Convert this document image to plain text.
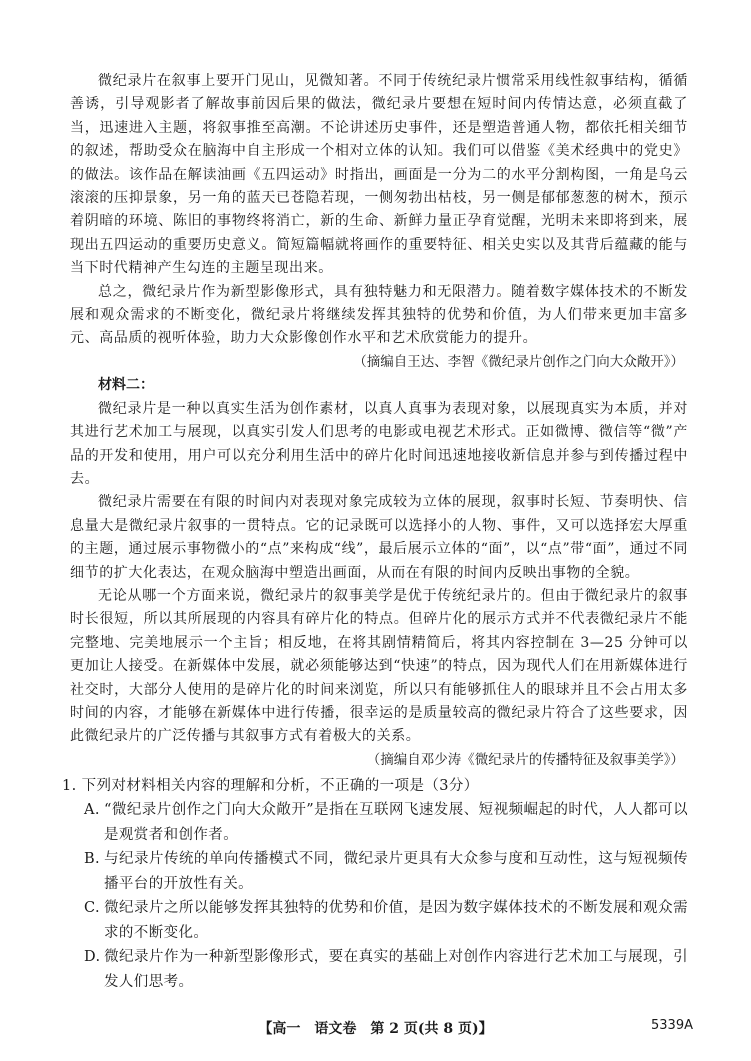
微纪录片在叙事上要开门见山，见微知著。不同于传统纪录片惯常采用线性叙事结构，循循善诱，引导观影者了解故事前因后果的做法，微纪录片要想在短时间内传情达意，必须直截了当，迅速进入主题，将叙事推至高潮。不论讲述历史事件，还是塑造普通人物，都依托相关细节的叙述，帮助受众在脑海中自主形成一个相对立体的认知。我们可以借鉴《美术经典中的党史》的做法。该作品在解读油画《五四运动》时指出，画面是一分为二的水平分割构图，一角是乌云滚滚的压抑景象，另一角的蓝天已苍隐若现，一侧匆勃出枯枝，另一侧是郁郁葱葱的树木，预示着阴暗的环境、陈旧的事物终将消亡，新的生命、新鲜力量正孕育觉醒，光明未来即将到来，展现出五四运动的重要历史意义。简短篇幅就将画作的重要特征、相关史实以及其背后蕴藏的能与当下时代精神产生勾连的主题呈现出来。

总之，微纪录片作为新型影像形式，具有独特魅力和无限潜力。随着数字媒体技术的不断发展和观众需求的不断变化，微纪录片将继续发挥其独特的优势和价值，为人们带来更加丰富多元、高品质的视听体验，助力大众影像创作水平和艺术欣赏能力的提升。

（摘编自王达、李智《微纪录片创作之门向大众敞开》）

材料二：

微纪录片是一种以真实生活为创作素材，以真人真事为表现对象，以展现真实为本质，并对其进行艺术加工与展现，以真实引发人们思考的电影或电视艺术形式。正如微博、微信等“微”产品的开发和使用，用户可以充分利用生活中的碎片化时间迅速地接收新信息并参与到传播过程中去。

微纪录片需要在有限的时间内对表现对象完成较为立体的展现，叙事时长短、节奏明快、信息量大是微纪录片叙事的一贯特点。它的记录既可以选择小的人物、事件，又可以选择宏大厚重的主题，通过展示事物微小的“点”来构成“线”，最后展示立体的“面”，以“点”带“面”，通过不同细节的扩大化表达，在观众脑海中塑造出画面，从而在有限的时间内反映出事物的全貌。

无论从哪一个方面来说，微纪录片的叙事美学是优于传统纪录片的。但由于微纪录片的叙事时长很短，所以其所展现的内容具有碎片化的特点。但碎片化的展示方式并不代表微纪录片不能完整地、完美地展示一个主旨；相反地，在将其剧情精简后，将其内容控制在 3—25 分钟可以更加让人接受。在新媒体中发展，就必须能够达到“快速”的特点，因为现代人们在用新媒体进行社交时，大部分人使用的是碎片化的时间来浏览，所以只有能够抓住人的眼球并且不会占用太多时间的内容，才能够在新媒体中进行传播，很幸运的是质量较高的微纪录片符合了这些要求，因此微纪录片的广泛传播与其叙事方式有着极大的关系。

（摘编自邓少涛《微纪录片的传播特征及叙事美学》）

1. 下列对材料相关内容的理解和分析，不正确的一项是（3分）

A. “微纪录片创作之门向大众敞开”是指在互联网飞速发展、短视频崛起的时代，人人都可以是观赏者和创作者。

B. 与纪录片传统的单向传播模式不同，微纪录片更具有大众参与度和互动性，这与短视频传播平台的开放性有关。

C. 微纪录片之所以能够发挥其独特的优势和价值，是因为数字媒体技术的不断发展和观众需求的不断变化。

D. 微纪录片作为一种新型影像形式，要在真实的基础上对创作内容进行艺术加工与展现，引发人们思考。

【高一　语文卷　第 2 页(共 8 页)】	5339A
